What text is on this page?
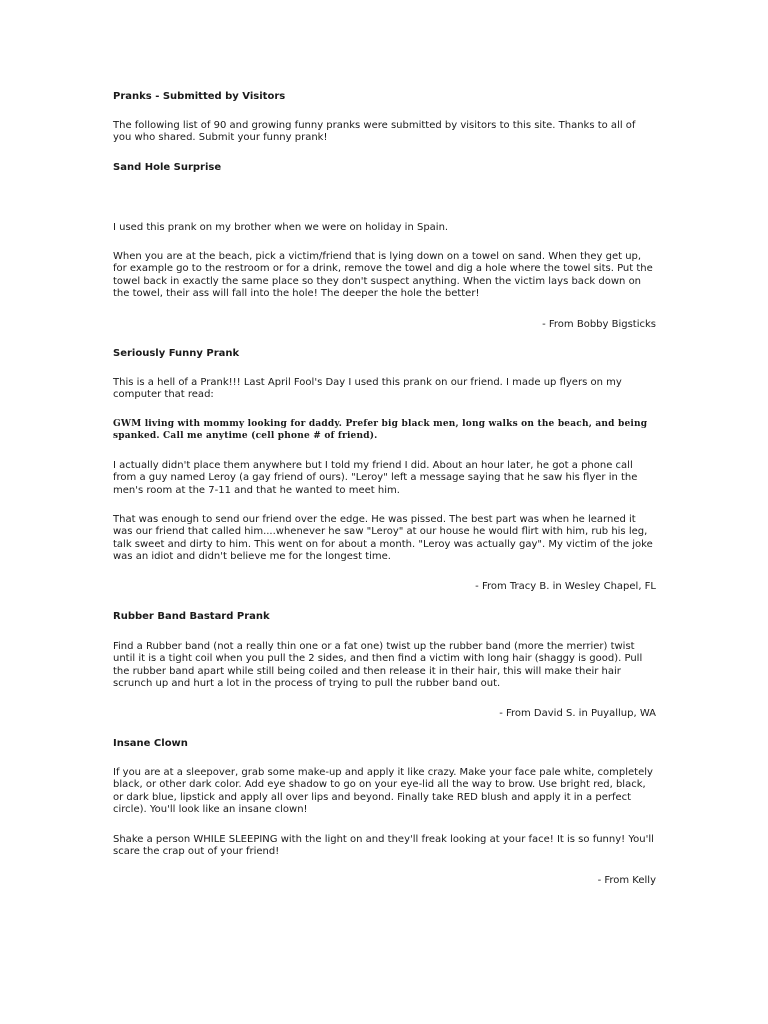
Pranks - Submitted by Visitors

The following list of 90 and growing funny pranks were submitted by visitors to this site. Thanks to all of you who shared. Submit your funny prank!

Sand Hole Surprise

I used this prank on my brother when we were on holiday in Spain.

When you are at the beach, pick a victim/friend that is lying down on a towel on sand. When they get up, for example go to the restroom or for a drink, remove the towel and dig a hole where the towel sits. Put the towel back in exactly the same place so they don't suspect anything. When the victim lays back down on the towel, their ass will fall into the hole! The deeper the hole the better!

- From Bobby Bigsticks

Seriously Funny Prank

This is a hell of a Prank!!! Last April Fool's Day I used this prank on our friend. I made up flyers on my computer that read:

GWM living with mommy looking for daddy. Prefer big black men, long walks on the beach, and being spanked. Call me anytime (cell phone # of friend).

I actually didn't place them anywhere but I told my friend I did. About an hour later, he got a phone call from a guy named Leroy (a gay friend of ours). "Leroy" left a message saying that he saw his flyer in the men's room at the 7-11 and that he wanted to meet him.

That was enough to send our friend over the edge. He was pissed. The best part was when he learned it was our friend that called him....whenever he saw "Leroy" at our house he would flirt with him, rub his leg, talk sweet and dirty to him. This went on for about a month. "Leroy was actually gay". My victim of the joke was an idiot and didn't believe me for the longest time.

- From Tracy B. in Wesley Chapel, FL

Rubber Band Bastard Prank

Find a Rubber band (not a really thin one or a fat one) twist up the rubber band (more the merrier) twist until it is a tight coil when you pull the 2 sides, and then find a victim with long hair (shaggy is good). Pull the rubber band apart while still being coiled and then release it in their hair, this will make their hair scrunch up and hurt a lot in the process of trying to pull the rubber band out.

- From David S. in Puyallup, WA

Insane Clown

If you are at a sleepover, grab some make-up and apply it like crazy. Make your face pale white, completely black, or other dark color. Add eye shadow to go on your eye-lid all the way to brow. Use bright red, black, or dark blue, lipstick and apply all over lips and beyond. Finally take RED blush and apply it in a perfect circle). You'll look like an insane clown!

Shake a person WHILE SLEEPING with the light on and they'll freak looking at your face! It is so funny! You'll scare the crap out of your friend!

- From Kelly
